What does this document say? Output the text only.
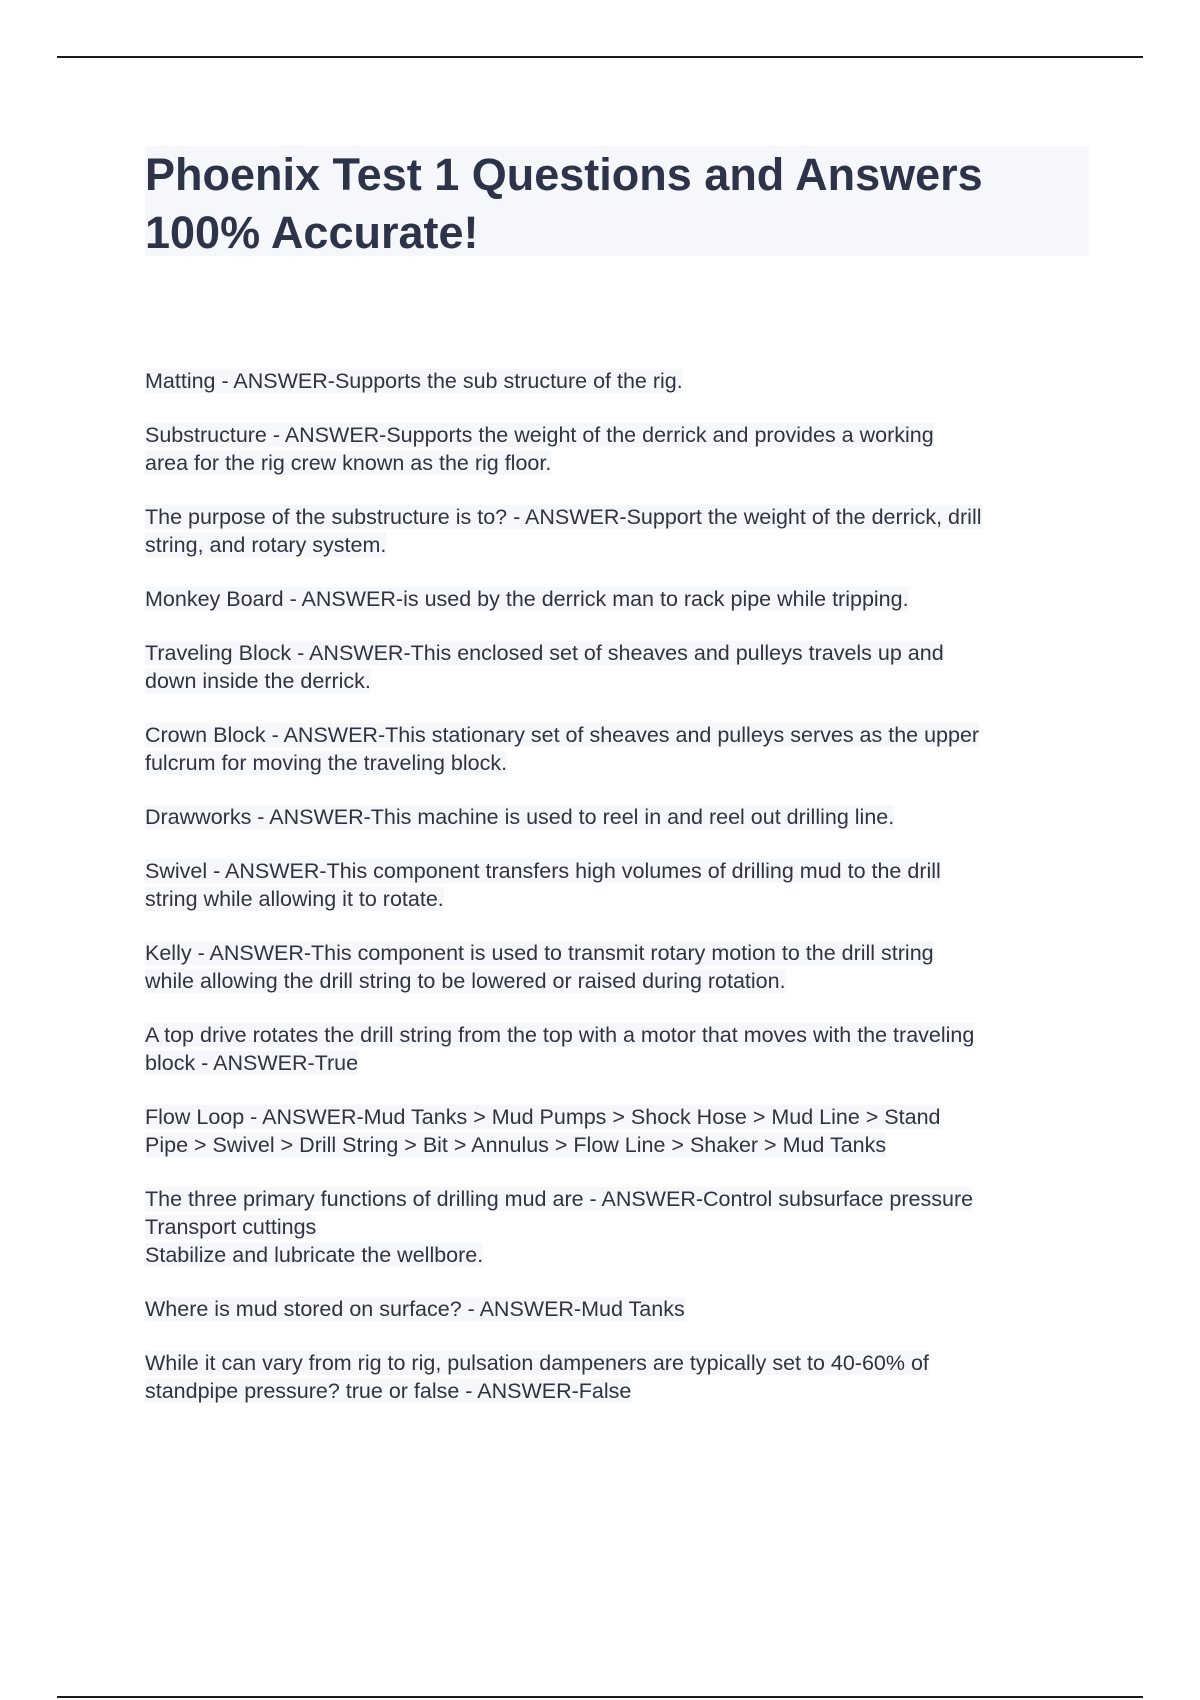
Phoenix Test 1 Questions and Answers
100% Accurate!
Matting - ANSWER-Supports the sub structure of the rig.
Substructure - ANSWER-Supports the weight of the derrick and provides a working
area for the rig crew known as the rig floor.
The purpose of the substructure is to? - ANSWER-Support the weight of the derrick, drill
string, and rotary system.
Monkey Board - ANSWER-is used by the derrick man to rack pipe while tripping.
Traveling Block - ANSWER-This enclosed set of sheaves and pulleys travels up and
down inside the derrick.
Crown Block - ANSWER-This stationary set of sheaves and pulleys serves as the upper
fulcrum for moving the traveling block.
Drawworks - ANSWER-This machine is used to reel in and reel out drilling line.
Swivel - ANSWER-This component transfers high volumes of drilling mud to the drill
string while allowing it to rotate.
Kelly - ANSWER-This component is used to transmit rotary motion to the drill string
while allowing the drill string to be lowered or raised during rotation.
A top drive rotates the drill string from the top with a motor that moves with the traveling
block - ANSWER-True
Flow Loop - ANSWER-Mud Tanks > Mud Pumps > Shock Hose > Mud Line > Stand
Pipe > Swivel > Drill String > Bit > Annulus > Flow Line > Shaker > Mud Tanks
The three primary functions of drilling mud are - ANSWER-Control subsurface pressure
Transport cuttings
Stabilize and lubricate the wellbore.
Where is mud stored on surface? - ANSWER-Mud Tanks
While it can vary from rig to rig, pulsation dampeners are typically set to 40-60% of
standpipe pressure? true or false - ANSWER-False
